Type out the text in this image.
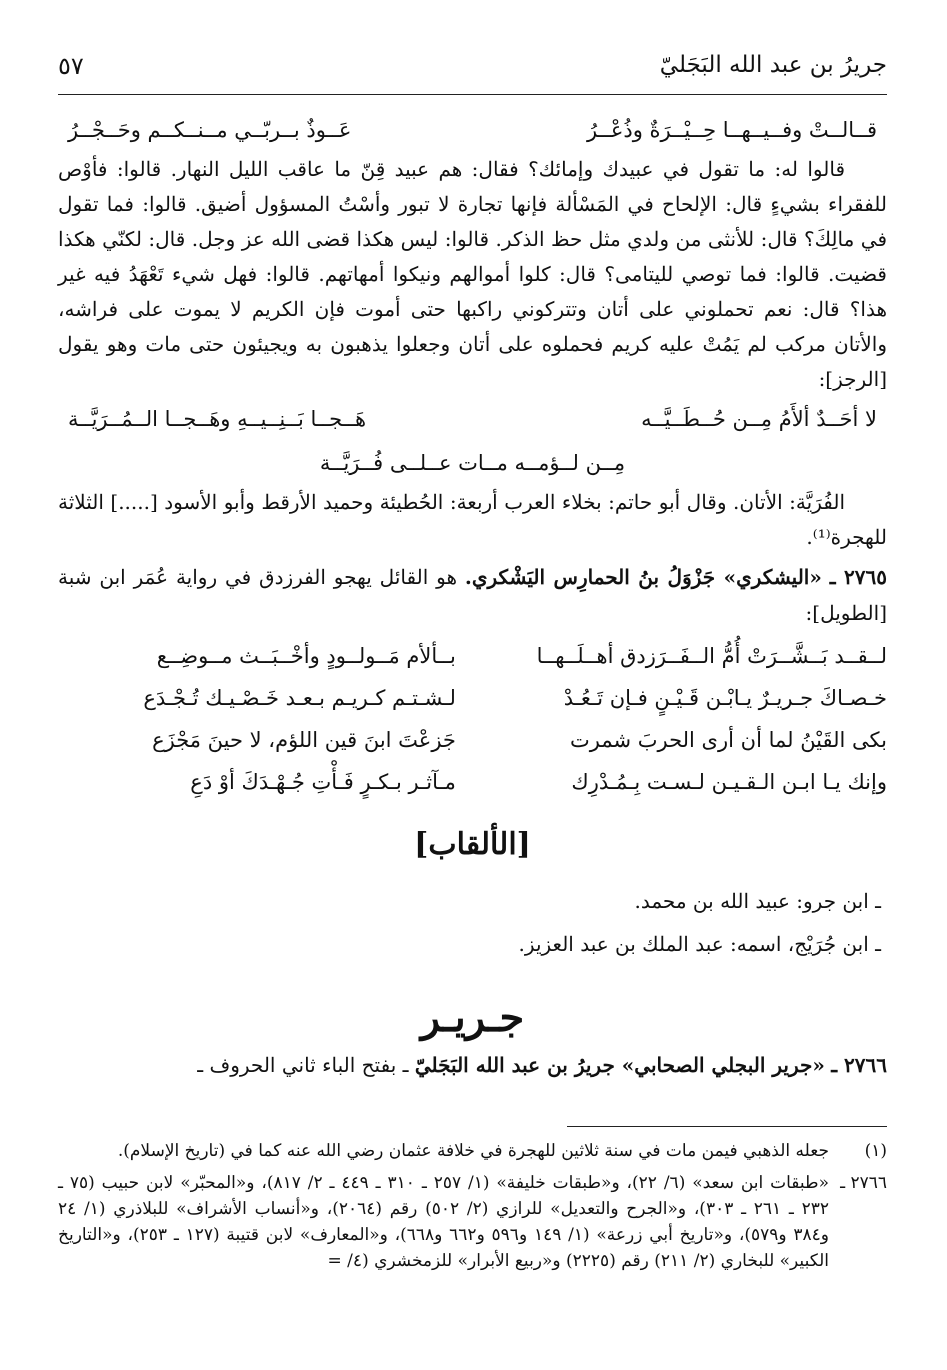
جريرُ بن عبد الله البَجَليّ
٥٧
قــالــتْ وفــيــهــا حِــيْــرَةٌ وذُعْــرُ
عَــوذٌ بــربّــي مــنــكــم وحَــجْــرُ

قالوا له: ما تقول في عبيدك وإمائك؟ فقال: هم عبيد قِنّ ما عاقب الليل النهار. قالوا: فأوْص للفقراء بشيءٍ قال: الإلحاح في المَسْألة فإنها تجارة لا تبور وأسْتُ المسؤول أضيق. قالوا: فما تقول في مالِكَ؟ قال: للأنثى من ولدي مثل حظ الذكر. قالوا: ليس هكذا قضى الله عز وجل. قال: لكنّي هكذا قضيت. قالوا: فما توصي لليتامى؟ قال: كلوا أموالهم ونيكوا أمهاتهم. قالوا: فهل شيء تَعْهَدُ فيه غير هذا؟ قال: نعم تحملوني على أتان وتتركوني راكبها حتى أموت فإن الكريم لا يموت على فراشه، والأتان مركب لم يَمُتْ عليه كريم فحملوه على أتان وجعلوا يذهبون به ويجيئون حتى مات وهو يقول [الرجز]:

لا أحَــدٌ ألأَمُ مِــن حُــطَــيَّــه
هَــجــا بَــنِــيــهِ وهَــجــا الــمُــرَيَّــة
مِــن لــؤمــه مــات عــلــى فُــرَيَّــة

الفُرَيَّة: الأتان. وقال أبو حاتم: بخلاء العرب أربعة: الحُطيئة وحميد الأرقط وأبو الأسود [.....] الثلاثة للهجرة⁽¹⁾.

٢٧٦٥ ـ «اليشكري» جَزْوَلُ بنُ الحمارِس اليَشْكري. هو القائل يهجو الفرزدق في رواية عُمَر ابن شبة [الطويل]:

لــقــد بَــشَّــرَتْ أُمُّ الــفَــرَزدق أهــلَــهــا
بــألأم مَــولــودٍ وأخْــبَــث مــوضِــع
خـصـاكَ جـريـرٌ يـابْـن قَـيْـنٍ فـإن تَـعُـدْ
لـشـتـم كـريـم بـعـد خَـصْـيـك تُـجْـدَع
بكى القَيْنُ لما أن أرى الحربَ شمرت
جَزعْتَ ابنَ قين اللؤم، لا حينَ مَجْزَع
وإنك يـا ابـن الـقـيـن لـسـت بِـمُـدْرِك
مـآثـر بـكـرٍ فَـأْتِ جُـهْـدَكَ أوْ دَعِ
[الألقاب]
ـ ابن جرو: عبيد الله بن محمد.
ـ ابن جُرَيْج، اسمه: عبد الملك بن عبد العزيز.
جـريـر

٢٧٦٦ ـ «جرير البجلي الصحابي» جريرُ بن عبد الله البَجَليّ ـ بفتح الباء ثاني الحروف ـ

(١)
جعله الذهبي فيمن مات في سنة ثلاثين للهجرة في خلافة عثمان رضي الله عنه كما في (تاريخ الإسلام).
٢٧٦٦ ـ
«طبقات ابن سعد» (٦/ ٢٢)، و«طبقات خليفة» (١/ ٢٥٧ ـ ٣١٠ ـ ٤٤٩ ـ ٢/ ٨١٧)، و«المحبّر» لابن حبيب (٧٥ ـ ٢٣٢ ـ ٢٦١ ـ ٣٠٣)، و«الجرح والتعديل» للرازي (٢/ ٥٠٢) رقم (٢٠٦٤)، و«أنساب الأشراف» للبلاذري (١/ ٢٤ و٣٨٤ و٥٧٩)، و«تاريخ أبي زرعة» (١/ ١٤٩ و٥٩٦ و٦٦٢ و٦٦٨)، و«المعارف» لابن قتيبة (١٢٧ ـ ٢٥٣)، و«التاريخ الكبير» للبخاري (٢/ ٢١١) رقم (٢٢٢٥) و«ربيع الأبرار» للزمخشري (٤/ =
